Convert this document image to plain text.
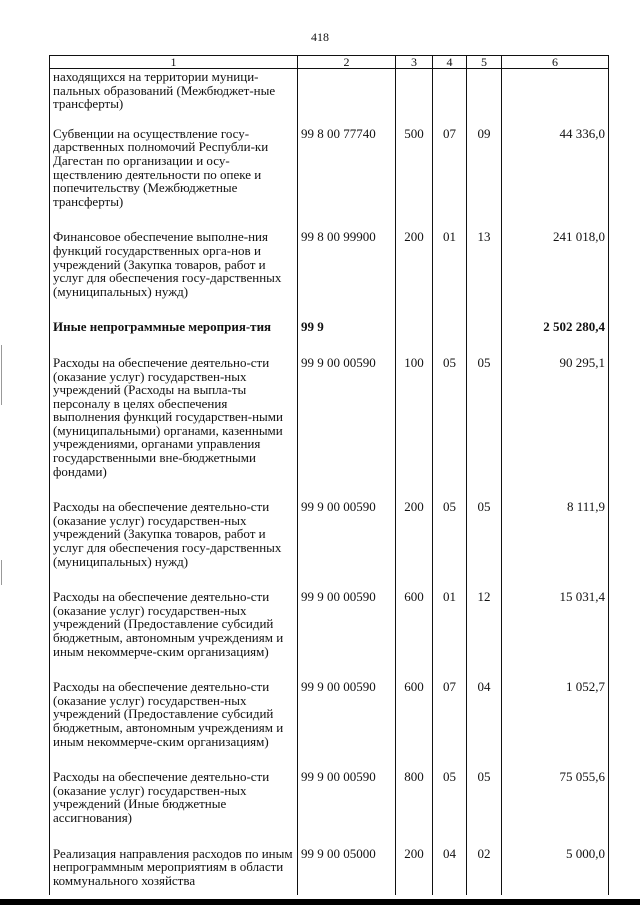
418
1	2	3	4	5	6
находящихся на территории муници-пальных образований (Межбюджет-ные трансферты)					
Субвенции на осуществление госу-дарственных полномочий Республи-ки Дагестан по организации и осу-ществлению деятельности по опеке и попечительству (Межбюджетные трансферты)	99 8 00 77740	500	07	09	44 336,0
Финансовое обеспечение выполне-ния функций государственных орга-нов и учреждений (Закупка товаров, работ и услуг для обеспечения госу-дарственных (муниципальных) нужд)	99 8 00 99900	200	01	13	241 018,0
Иные непрограммные мероприя-тия	99 9				2 502 280,4
Расходы на обеспечение деятельно-сти (оказание услуг) государствен-ных учреждений (Расходы на выпла-ты персоналу в целях обеспечения выполнения функций государствен-ными (муниципальными) органами, казенными учреждениями, органами управления государственными вне-бюджетными фондами)	99 9 00 00590	100	05	05	90 295,1
Расходы на обеспечение деятельно-сти (оказание услуг) государствен-ных учреждений (Закупка товаров, работ и услуг для обеспечения госу-дарственных (муниципальных) нужд)	99 9 00 00590	200	05	05	8 111,9
Расходы на обеспечение деятельно-сти (оказание услуг) государствен-ных учреждений (Предоставление субсидий бюджетным, автономным учреждениям и иным некоммерче-ским организациям)	99 9 00 00590	600	01	12	15 031,4
Расходы на обеспечение деятельно-сти (оказание услуг) государствен-ных учреждений (Предоставление субсидий бюджетным, автономным учреждениям и иным некоммерче-ским организациям)	99 9 00 00590	600	07	04	1 052,7
Расходы на обеспечение деятельно-сти (оказание услуг) государствен-ных учреждений (Иные бюджетные ассигнования)	99 9 00 00590	800	05	05	75 055,6
Реализация направления расходов по иным непрограммным мероприятиям в области коммунального хозяйства	99 9 00 05000	200	04	02	5 000,0
